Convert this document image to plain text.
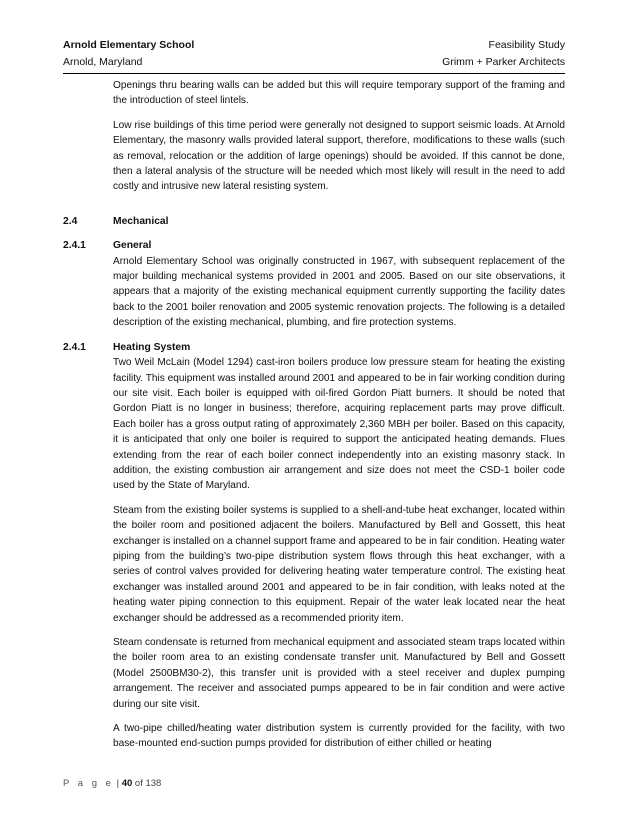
Arnold Elementary School
Arnold, Maryland
Feasibility Study
Grimm + Parker Architects

Openings thru bearing walls can be added but this will require temporary support of the framing and the introduction of steel lintels.

Low rise buildings of this time period were generally not designed to support seismic loads. At Arnold Elementary, the masonry walls provided lateral support, therefore, modifications to these walls (such as removal, relocation or the addition of large openings) should be avoided. If this cannot be done, then a lateral analysis of the structure will be needed which most likely will result in the need to add costly and intrusive new lateral resisting system.

2.4	Mechanical
2.4.1	General

Arnold Elementary School was originally constructed in 1967, with subsequent replacement of the major building mechanical systems provided in 2001 and 2005. Based on our site observations, it appears that a majority of the existing mechanical equipment currently supporting the facility dates back to the 2001 boiler renovation and 2005 systemic renovation projects. The following is a detailed description of the existing mechanical, plumbing, and fire protection systems.

2.4.1	Heating System

Two Weil McLain (Model 1294) cast-iron boilers produce low pressure steam for heating the existing facility. This equipment was installed around 2001 and appeared to be in fair working condition during our site visit. Each boiler is equipped with oil-fired Gordon Piatt burners. It should be noted that Gordon Piatt is no longer in business; therefore, acquiring replacement parts may prove difficult. Each boiler has a gross output rating of approximately 2,360 MBH per boiler. Based on this capacity, it is anticipated that only one boiler is required to support the anticipated heating demands. Flues extending from the rear of each boiler connect independently into an existing masonry stack. In addition, the existing combustion air arrangement and size does not meet the CSD-1 boiler code used by the State of Maryland.

Steam from the existing boiler systems is supplied to a shell-and-tube heat exchanger, located within the boiler room and positioned adjacent the boilers. Manufactured by Bell and Gossett, this heat exchanger is installed on a channel support frame and appeared to be in fair condition. Heating water piping from the building’s two-pipe distribution system flows through this heat exchanger, with a series of control valves provided for delivering heating water temperature control. The existing heat exchanger was installed around 2001 and appeared to be in fair condition, with leaks noted at the heating water piping connection to this equipment. Repair of the water leak located near the heat exchanger should be addressed as a recommended priority item.

Steam condensate is returned from mechanical equipment and associated steam traps located within the boiler room area to an existing condensate transfer unit. Manufactured by Bell and Gossett (Model 2500BM30-2), this transfer unit is provided with a steel receiver and duplex pumping arrangement. The receiver and associated pumps appeared to be in fair condition and were active during our site visit.

A two-pipe chilled/heating water distribution system is currently provided for the facility, with two base-mounted end-suction pumps provided for distribution of either chilled or heating

P a g e | 40 of 138
